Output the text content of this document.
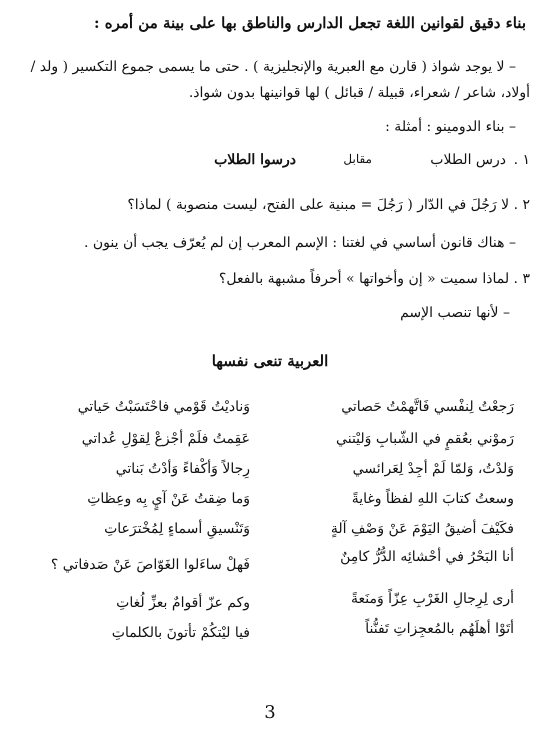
بناء دقيق لقوانين اللغة تجعل الدارس والناطق بها على بينة من أمره :
– لا يوجد شواذ ( قارن مع العبرية والإنجليزية ) . حتى ما يسمى جموع التكسير ( ولد /
أولاد، شاعر / شعراء، قبيلة / قبائل ) لها قوانينها بدون شواذ.
– بناء الدومينو : أمثلة :
١ .
درس الطلاب
مقابل
درسوا الطلاب
٢ . لا رَجُلَ في الدّار ( رَجُلَ = مبنية على الفتح، ليست منصوبة ) لماذا؟
– هناك قانون أساسي في لغتنا : الإسم المعرب إن لم يُعرّف يجب أن ينون .
٣ . لماذا سميت « إن وأخواتها » أحرفاً مشبهة بالفعل؟
– لأنها تنصب الإسم
العربية تنعى نفسها
رَجعْتُ لِنفْسي فَاتَّهمْتُ حَصاتي
رَموْني بعُقمٍ في الشّبابِ وَليْتني
وَلدْتُ، وَلمّا لَمْ أجِدْ لِعَرائسي
وسعتُ كتابَ اللهِ لفظاً وغايةً
فكَيْفَ أضيقُ اليَوْمَ عَنْ وَصْفِ آلةٍ
أنا البَحْرُ في أحْشائِه الدُّرُّ كامِنٌ
أرى لِرِجالِ الغَرْبِ عِزّاً وَمنَعةً
أتَوْا أهلَهُم بالمُعجِزاتِ تَفنُّناً
وَناديْتُ قَوْمي فاحْتَسَبْتُ حَياتي
عَقِمتُ فلَمْ أجْزعْ لِقوْلِ عُداتي
رِجالاً وَأكْفاءً وَأدْتُ بَناتي
وَما ضِقتُ عَنْ آيٍ بِه وعِظاتِ
وَتَنْسيقِ أسماءٍ لِمُخْترَعاتِ
فَهلْ ساءَلوا الغَوّاصَ عَنْ صَدفاتي ؟
وكم عزّ أقوامٌ بعزِّ لُغاتِ
فيا ليْتكُمْ تأتونَ بالكلماتِ
3
